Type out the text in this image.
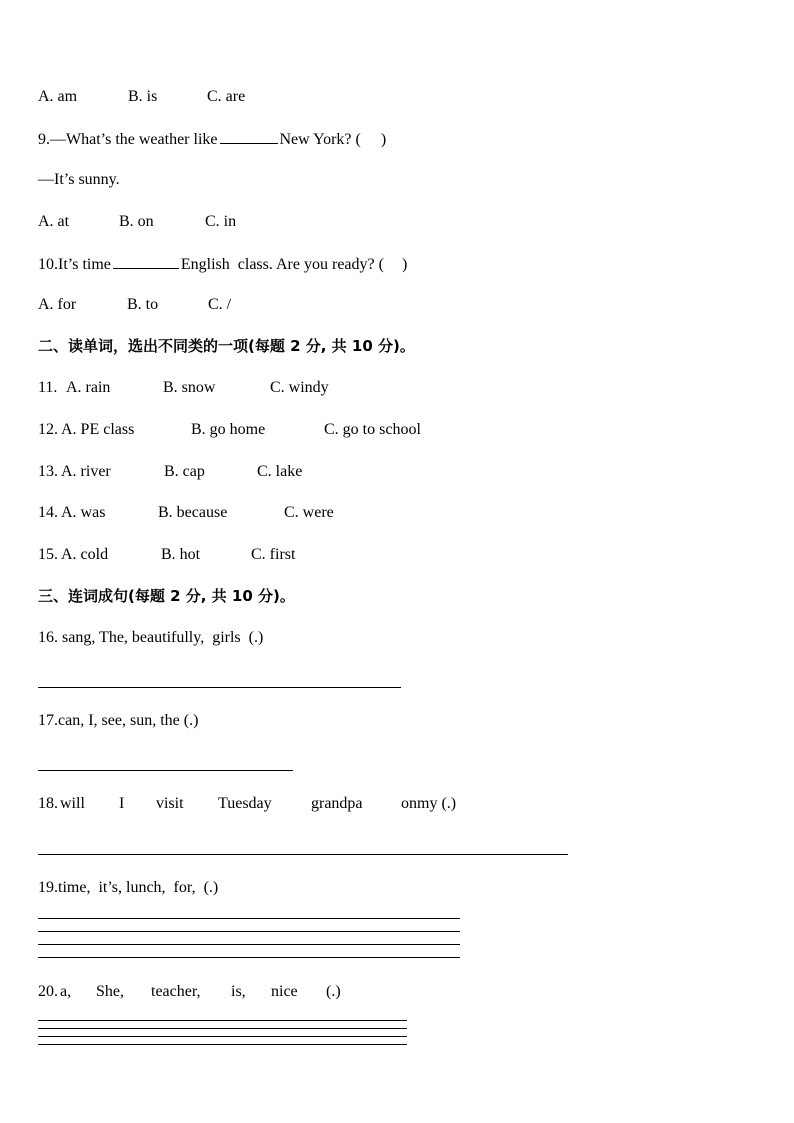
A. am	B. is	C. are
9.—What’s the weather like	New York? ( )
—It’s sunny.
A. at	B. on	C. in
10.It’s time	English  class. Are you ready? ( )
A. for	B. to	C. /
二、读单词，选出不同类的一项(每题 2 分, 共 10 分)。
11. A. rain	B. snow	C. windy
12. A. PE class	B. go home	C. go to school
13. A. river	B. cap	C. lake
14. A. was	B. because	C. were
15. A. cold	B. hot	C. first
三、连词成句(每题 2 分, 共 10 分)。
16. sang, The, beautifully,  girls  (.)
17.can, I, see, sun, the (.)
18. will I visit Tuesday grandpa onmy (.)
19.time,  it’s, lunch,  for,  (.)
20. a, She, teacher, is, nice (.)
